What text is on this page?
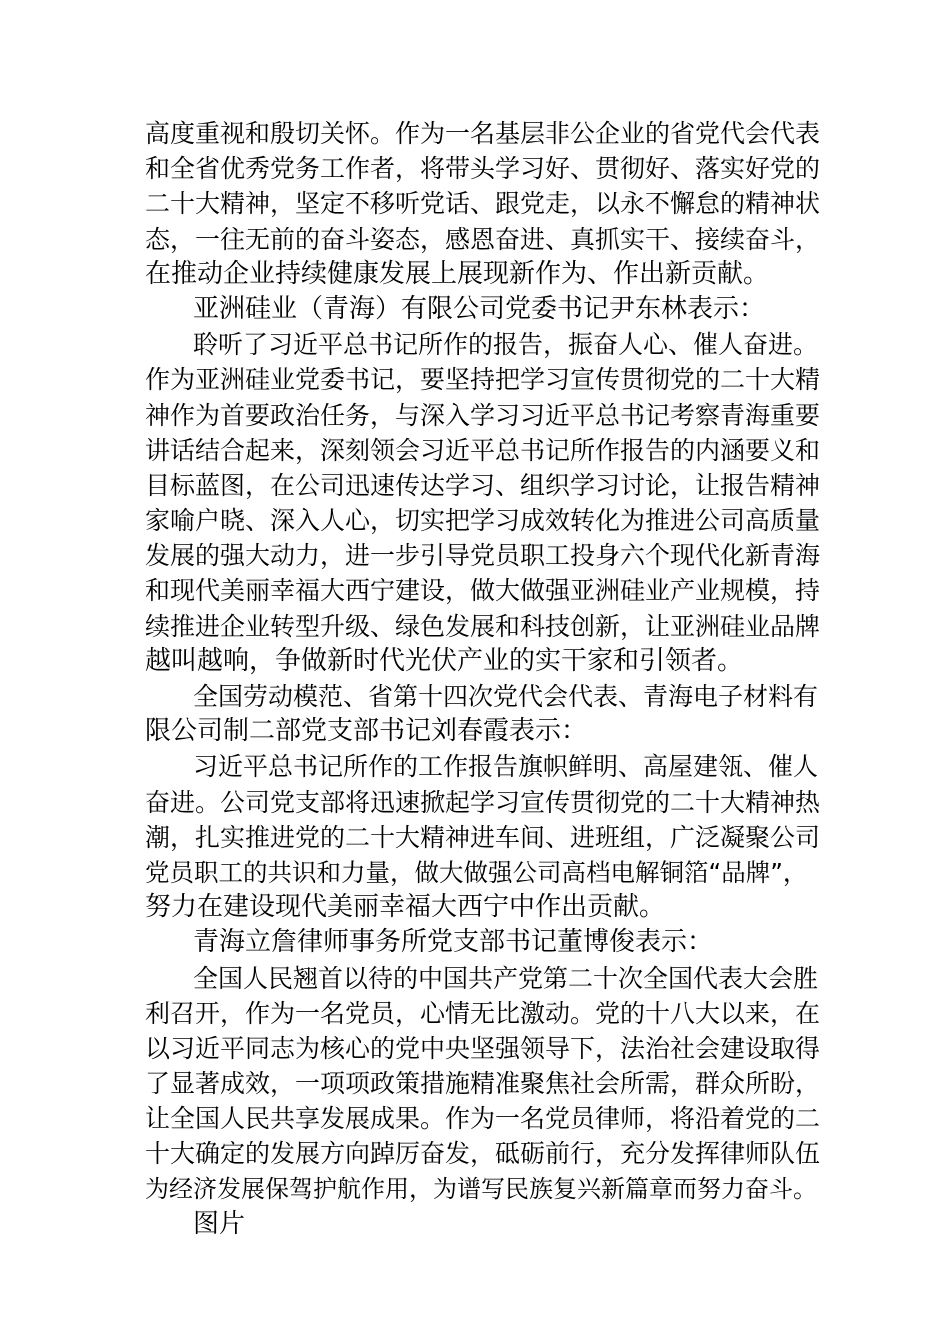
高度重视和殷切关怀。作为一名基层非公企业的省党代会代表
和全省优秀党务工作者，将带头学习好、贯彻好、落实好党的
二十大精神，坚定不移听党话、跟党走，以永不懈怠的精神状
态，一往无前的奋斗姿态，感恩奋进、真抓实干、接续奋斗，
在推动企业持续健康发展上展现新作为、作出新贡献。
亚洲硅业（青海）有限公司党委书记尹东林表示：
聆听了习近平总书记所作的报告，振奋人心、催人奋进。
作为亚洲硅业党委书记，要坚持把学习宣传贯彻党的二十大精
神作为首要政治任务，与深入学习习近平总书记考察青海重要
讲话结合起来，深刻领会习近平总书记所作报告的内涵要义和
目标蓝图，在公司迅速传达学习、组织学习讨论，让报告精神
家喻户晓、深入人心，切实把学习成效转化为推进公司高质量
发展的强大动力，进一步引导党员职工投身六个现代化新青海
和现代美丽幸福大西宁建设，做大做强亚洲硅业产业规模，持
续推进企业转型升级、绿色发展和科技创新，让亚洲硅业品牌
越叫越响，争做新时代光伏产业的实干家和引领者。
全国劳动模范、省第十四次党代会代表、青海电子材料有
限公司制二部党支部书记刘春霞表示：
习近平总书记所作的工作报告旗帜鲜明、高屋建瓴、催人
奋进。公司党支部将迅速掀起学习宣传贯彻党的二十大精神热
潮，扎实推进党的二十大精神进车间、进班组，广泛凝聚公司
党员职工的共识和力量，做大做强公司高档电解铜箔“品牌”，
努力在建设现代美丽幸福大西宁中作出贡献。
青海立詹律师事务所党支部书记董博俊表示：
全国人民翘首以待的中国共产党第二十次全国代表大会胜
利召开，作为一名党员，心情无比激动。党的十八大以来，在
以习近平同志为核心的党中央坚强领导下，法治社会建设取得
了显著成效，一项项政策措施精准聚焦社会所需，群众所盼，
让全国人民共享发展成果。作为一名党员律师，将沿着党的二
十大确定的发展方向踔厉奋发，砥砺前行，充分发挥律师队伍
为经济发展保驾护航作用，为谱写民族复兴新篇章而努力奋斗。
图片
